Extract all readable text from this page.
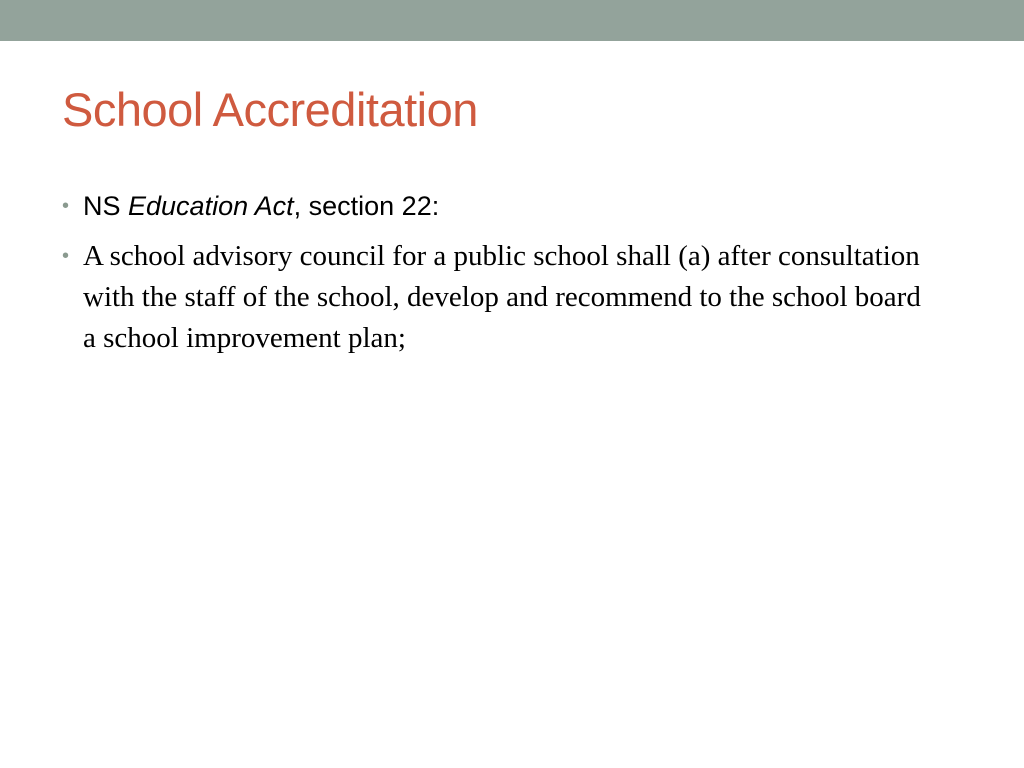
School Accreditation
• NS Education Act, section 22:
• A school advisory council for a public school shall (a) after consultation with the staff of the school, develop and recommend to the school board a school improvement plan;
